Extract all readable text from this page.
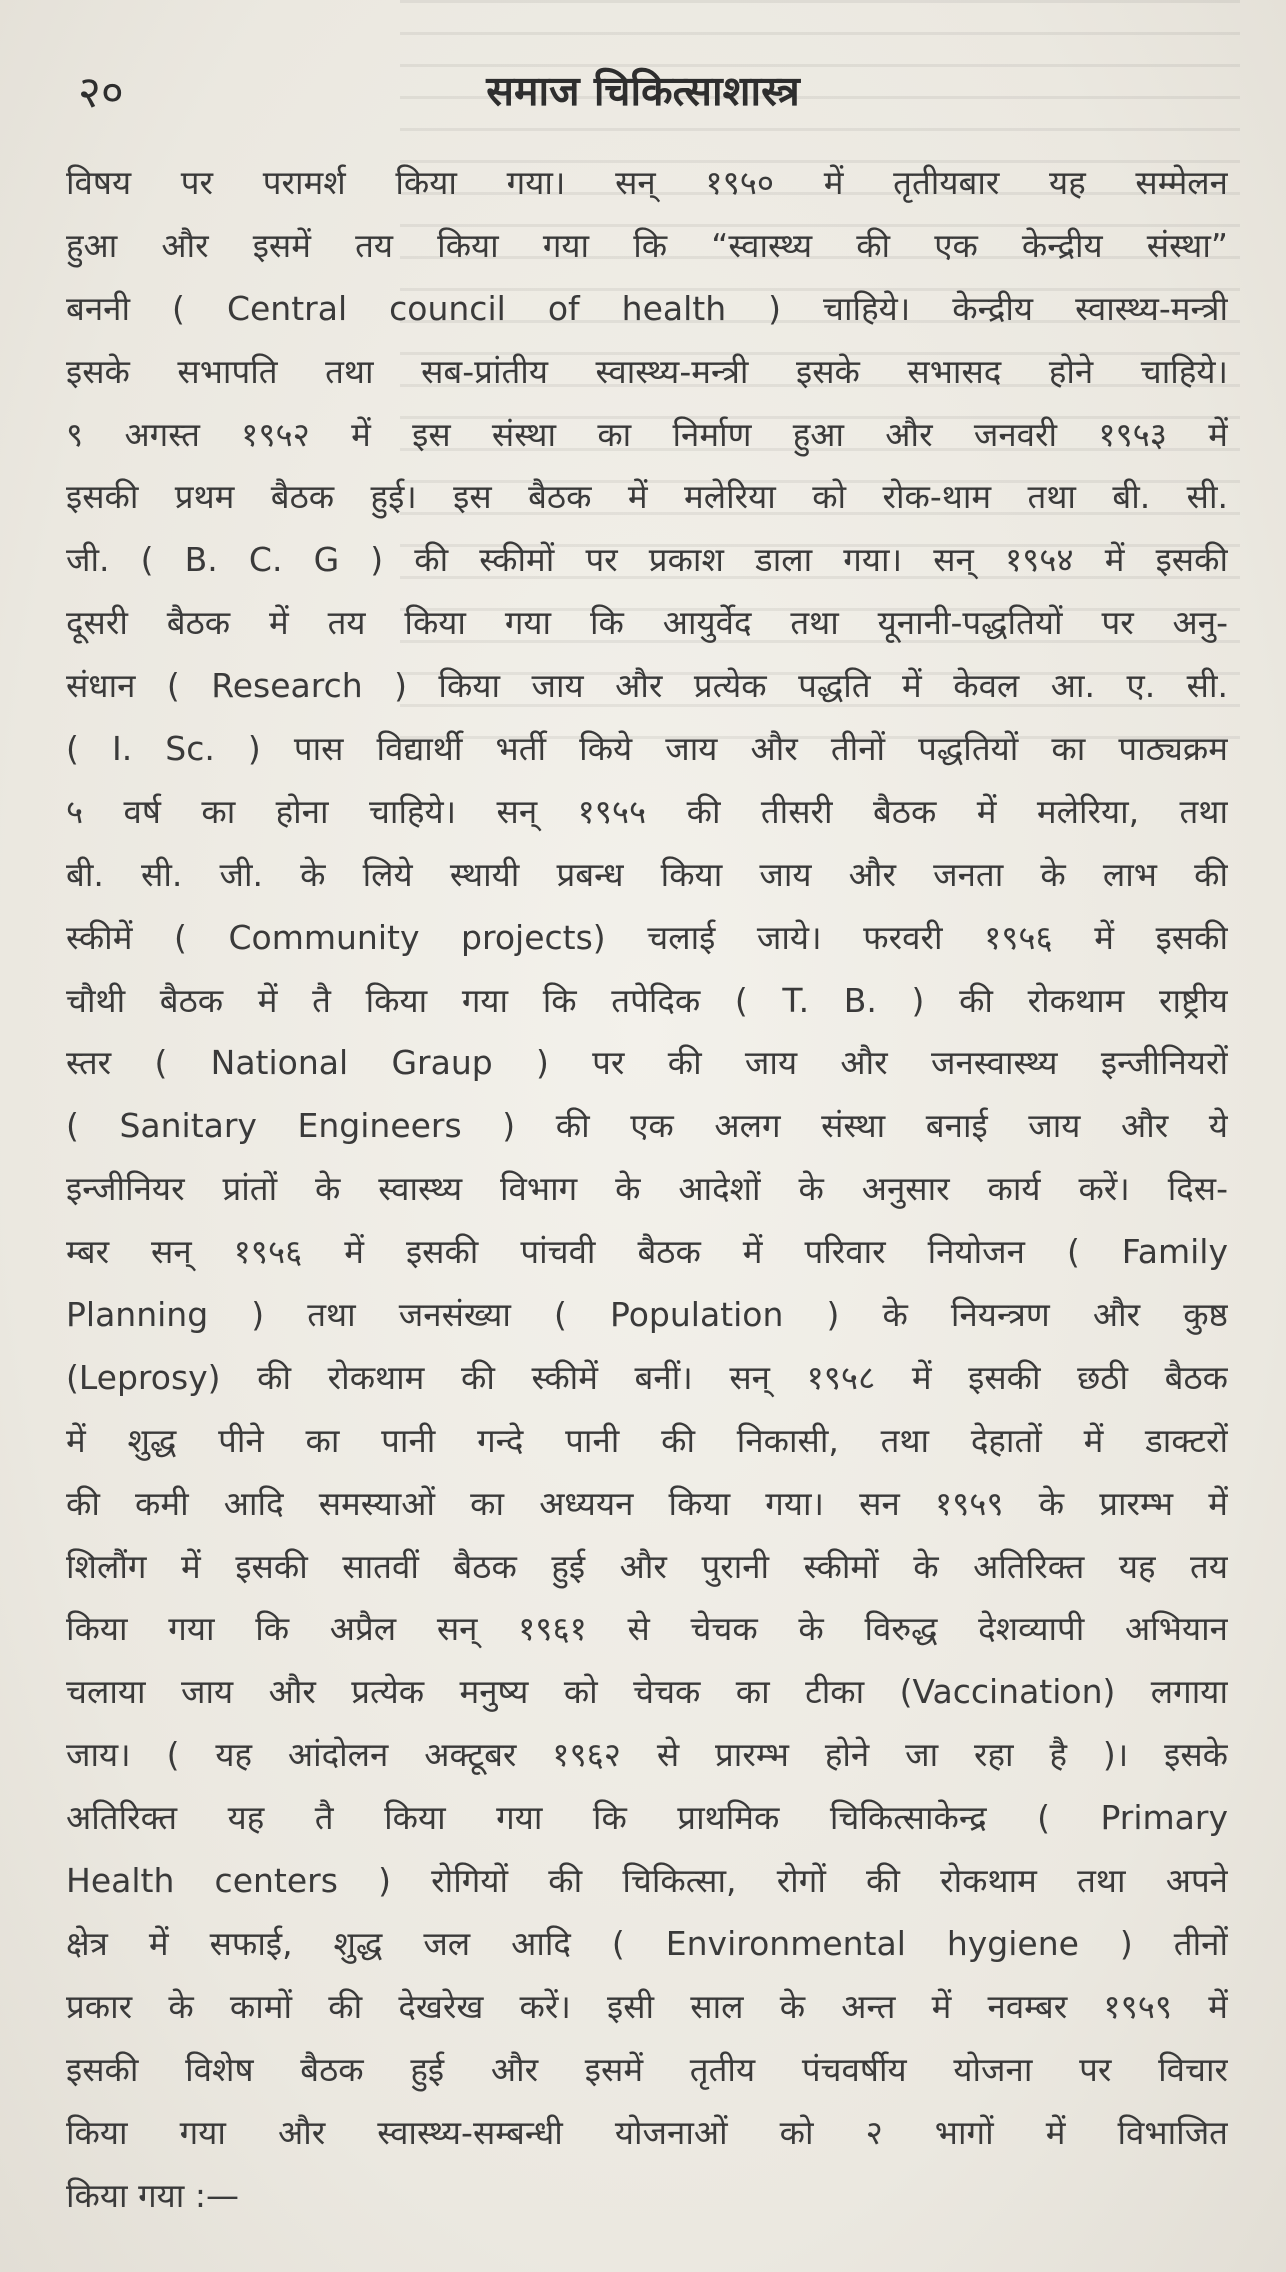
२०	समाज चिकित्साशास्त्र
विषय पर परामर्श किया गया। सन् १९५० में तृतीयबार यह सम्मेलन
हुआ और इसमें तय किया गया कि “स्वास्थ्य की एक केन्द्रीय संस्था”
बननी ( Central council of health ) चाहिये। केन्द्रीय स्वास्थ्य-मन्त्री
इसके सभापति तथा सब-प्रांतीय स्वास्थ्य-मन्त्री इसके सभासद होने चाहिये।
९ अगस्त १९५२ में इस संस्था का निर्माण हुआ और जनवरी १९५३ में
इसकी प्रथम बैठक हुई। इस बैठक में मलेरिया को रोक-थाम तथा बी. सी.
जी. ( B. C. G ) की स्कीमों पर प्रकाश डाला गया। सन् १९५४ में इसकी
दूसरी बैठक में तय किया गया कि आयुर्वेद तथा यूनानी-पद्धतियों पर अनु-
संधान ( Research ) किया जाय और प्रत्येक पद्धति में केवल आ. ए. सी.
( I. Sc. ) पास विद्यार्थी भर्ती किये जाय और तीनों पद्धतियों का पाठ्यक्रम
५ वर्ष का होना चाहिये। सन् १९५५ की तीसरी बैठक में मलेरिया, तथा
बी. सी. जी. के लिये स्थायी प्रबन्ध किया जाय और जनता के लाभ की
स्कीमें ( Community projects) चलाई जाये। फरवरी १९५६ में इसकी
चौथी बैठक में तै किया गया कि तपेदिक ( T. B. ) की रोकथाम राष्ट्रीय
स्तर ( National Graup ) पर की जाय और जनस्वास्थ्य इन्जीनियरों
( Sanitary Engineers ) की एक अलग संस्था बनाई जाय और ये
इन्जीनियर प्रांतों के स्वास्थ्य विभाग के आदेशों के अनुसार कार्य करें। दिस-
म्बर सन् १९५६ में इसकी पांचवी बैठक में परिवार नियोजन ( Family
Planning ) तथा जनसंख्या ( Population ) के नियन्त्रण और कुष्ठ
(Leprosy) की रोकथाम की स्कीमें बनीं। सन् १९५८ में इसकी छठी बैठक
में शुद्ध पीने का पानी गन्दे पानी की निकासी, तथा देहातों में डाक्टरों
की कमी आदि समस्याओं का अध्ययन किया गया। सन १९५९ के प्रारम्भ में
शिलौंग में इसकी सातवीं बैठक हुई और पुरानी स्कीमों के अतिरिक्त यह तय
किया गया कि अप्रैल सन् १९६१ से चेचक के विरुद्ध देशव्यापी अभियान
चलाया जाय और प्रत्येक मनुष्य को चेचक का टीका (Vaccination) लगाया
जाय। ( यह आंदोलन अक्टूबर १९६२ से प्रारम्भ होने जा रहा है )। इसके
अतिरिक्त यह तै किया गया कि प्राथमिक चिकित्साकेन्द्र ( Primary
Health centers ) रोगियों की चिकित्सा, रोगों की रोकथाम तथा अपने
क्षेत्र में सफाई, शुद्ध जल आदि ( Environmental hygiene ) तीनों
प्रकार के कामों की देखरेख करें। इसी साल के अन्त में नवम्बर १९५९ में
इसकी विशेष बैठक हुई और इसमें तृतीय पंचवर्षीय योजना पर विचार
किया गया और स्वास्थ्य-सम्बन्धी योजनाओं को २ भागों में विभाजित
किया गया :—
